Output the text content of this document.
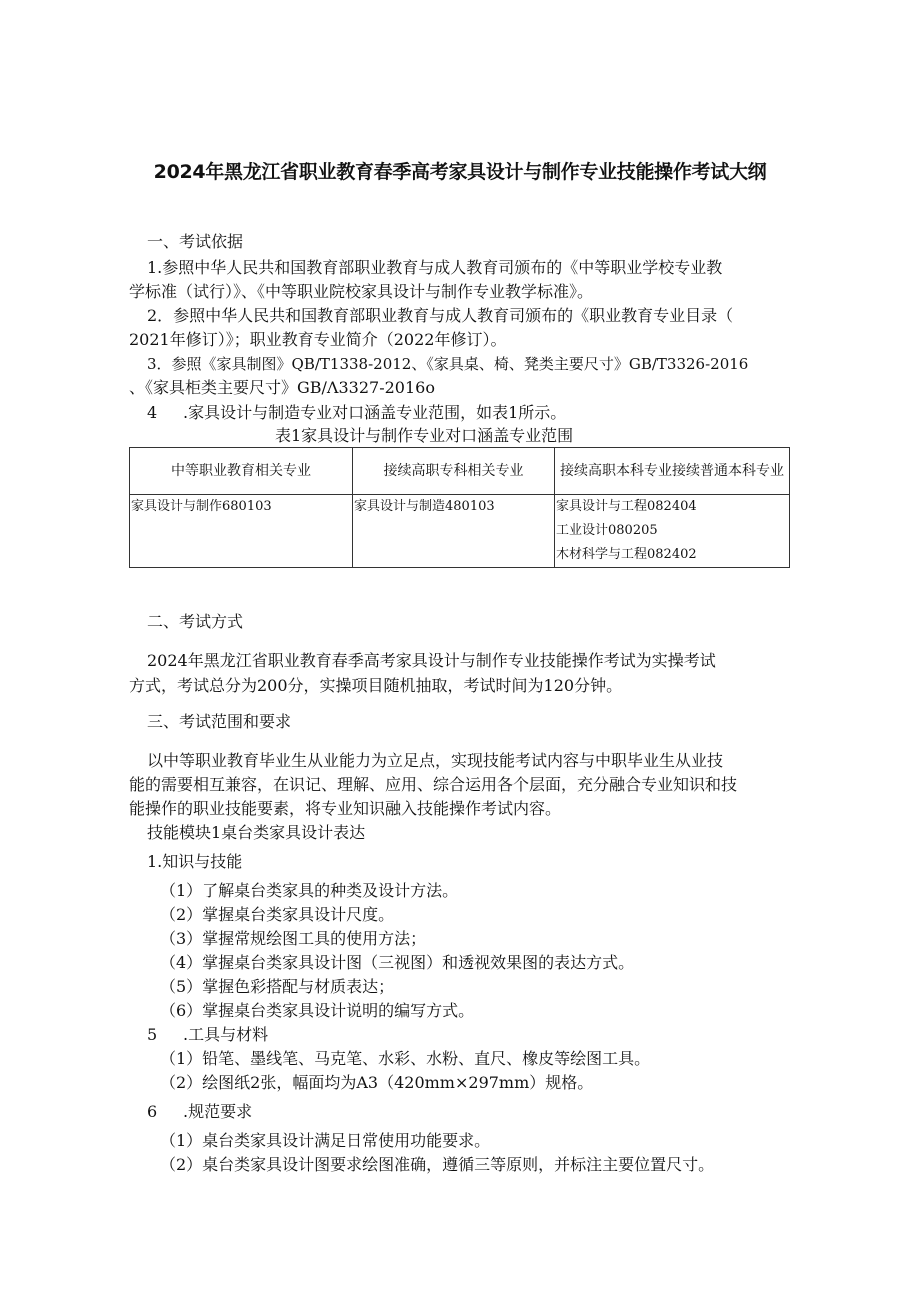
2024年黑龙江省职业教育春季高考家具设计与制作专业技能操作考试大纲
一、考试依据
1.参照中华人民共和国教育部职业教育与成人教育司颁布的《中等职业学校专业教
学标准（试行）》、《中等职业院校家具设计与制作专业教学标准》。
2．参照中华人民共和国教育部职业教育与成人教育司颁布的《职业教育专业目录（
2021年修订）》；职业教育专业简介（2022年修订）。
3．参照《家具制图》QB/T1338-2012、《家具桌、椅、凳类主要尺寸》GB/T3326-2016
、《家具柜类主要尺寸》GB∕Λ3327-2016o
4 .家具设计与制造专业对口涵盖专业范围，如表1所示。
表1家具设计与制作专业对口涵盖专业范围
中等职业教育相关专业	接续高职专科相关专业	接续高职本科专业接续普通本科专业
家具设计与制作680103	家具设计与制造480103	家具设计与工程082404
工业设计080205
木材科学与工程082402
二、考试方式
2024年黑龙江省职业教育春季高考家具设计与制作专业技能操作考试为实操考试
方式，考试总分为200分，实操项目随机抽取，考试时间为120分钟。
三、考试范围和要求
以中等职业教育毕业生从业能力为立足点，实现技能考试内容与中职毕业生从业技
能的需要相互兼容，在识记、理解、应用、综合运用各个层面，充分融合专业知识和技
能操作的职业技能要素，将专业知识融入技能操作考试内容。
技能模块1桌台类家具设计表达
1.知识与技能
（1）了解桌台类家具的种类及设计方法。
（2）掌握桌台类家具设计尺度。
（3）掌握常规绘图工具的使用方法；
（4）掌握桌台类家具设计图（三视图）和透视效果图的表达方式。
（5）掌握色彩搭配与材质表达；
（6）掌握桌台类家具设计说明的编写方式。
5 .工具与材料
（1）铅笔、墨线笔、马克笔、水彩、水粉、直尺、橡皮等绘图工具。
（2）绘图纸2张，幅面均为A3（420mm×297mm）规格。
6 .规范要求
（1）桌台类家具设计满足日常使用功能要求。
（2）桌台类家具设计图要求绘图准确，遵循三等原则，并标注主要位置尺寸。
